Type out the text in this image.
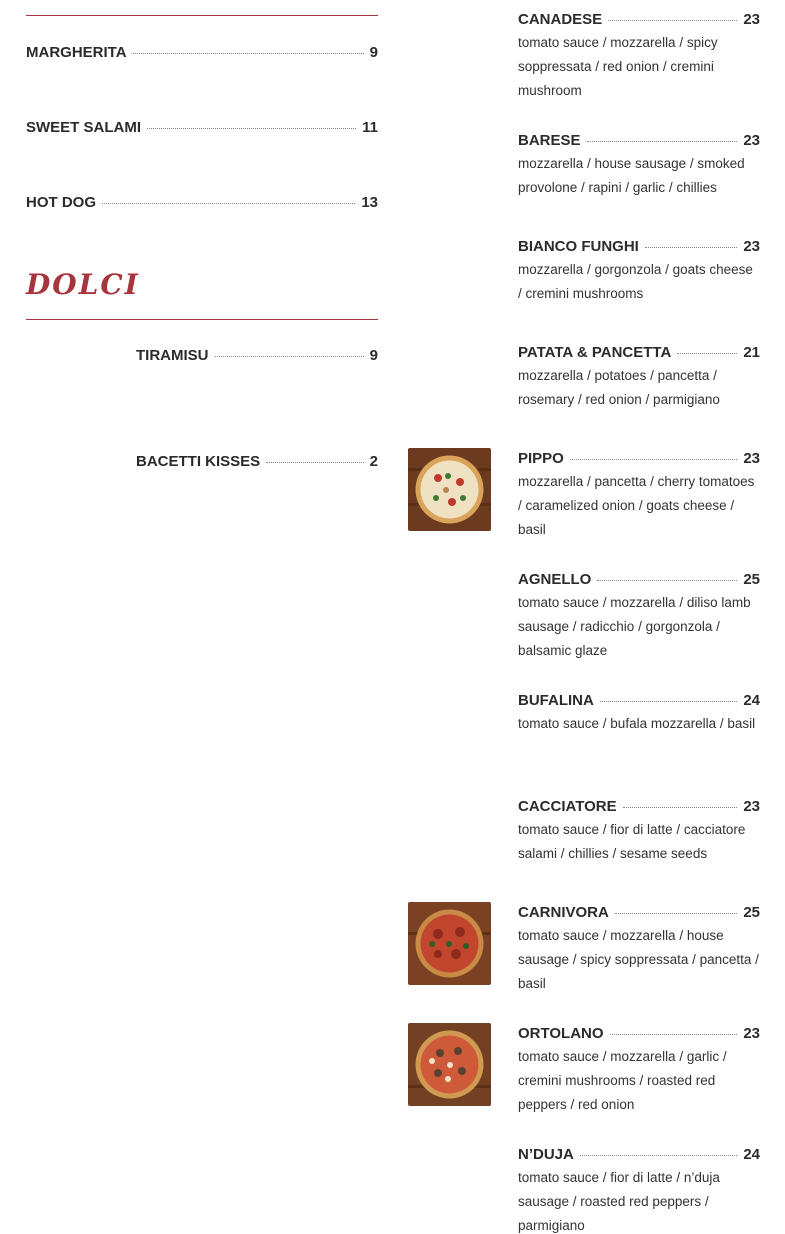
MARGHERITA	9
SWEET SALAMI	11
HOT DOG	13
DOLCI
TIRAMISU	9
BACETTI KISSES	2
CANADESE	23
tomato sauce / mozzarella / spicy soppressata / red onion / cremini mushroom
BARESE	23
mozzarella / house sausage / smoked provolone / rapini / garlic / chillies
BIANCO FUNGHI	23
mozzarella / gorgonzola / goats cheese / cremini mushrooms
PATATA & PANCETTA	21
mozzarella / potatoes / pancetta / rosemary / red onion / parmigiano
PIPPO	23
mozzarella / pancetta / cherry tomatoes / caramelized onion / goats cheese / basil
AGNELLO	25
tomato sauce / mozzarella / diliso lamb sausage / radicchio / gorgonzola / balsamic glaze
BUFALINA	24
tomato sauce / bufala mozzarella / basil
CACCIATORE	23
tomato sauce / fior di latte / cacciatore salami / chillies / sesame seeds
CARNIVORA	25
tomato sauce / mozzarella / house sausage / spicy soppressata / pancetta / basil
ORTOLANO	23
tomato sauce / mozzarella / garlic / cremini mushrooms / roasted red peppers / red onion
N’DUJA	24
tomato sauce / fior di latte / n’duja sausage / roasted red peppers / parmigiano
